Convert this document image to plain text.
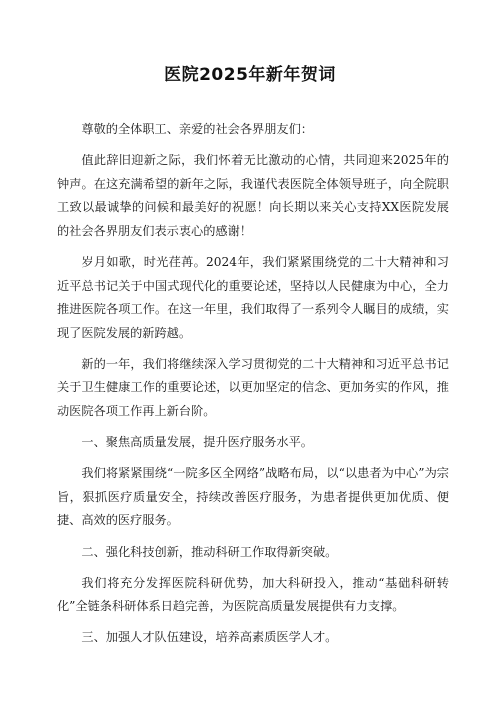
医院2025年新年贺词

尊敬的全体职工、亲爱的社会各界朋友们：

值此辞旧迎新之际，我们怀着无比激动的心情，共同迎来2025年的钟声。在这充满希望的新年之际，我谨代表医院全体领导班子，向全院职工致以最诚挚的问候和最美好的祝愿！向长期以来关心支持XX医院发展的社会各界朋友们表示衷心的感谢！

岁月如歌，时光荏苒。2024年，我们紧紧围绕党的二十大精神和习近平总书记关于中国式现代化的重要论述，坚持以人民健康为中心，全力推进医院各项工作。在这一年里，我们取得了一系列令人瞩目的成绩，实现了医院发展的新跨越。

新的一年，我们将继续深入学习贯彻党的二十大精神和习近平总书记关于卫生健康工作的重要论述，以更加坚定的信念、更加务实的作风，推动医院各项工作再上新台阶。

一、聚焦高质量发展，提升医疗服务水平。

我们将紧紧围绕“一院多区全网络”战略布局，以“以患者为中心”为宗旨，狠抓医疗质量安全，持续改善医疗服务，为患者提供更加优质、便捷、高效的医疗服务。

二、强化科技创新，推动科研工作取得新突破。

我们将充分发挥医院科研优势，加大科研投入，推动“基础科研转化”全链条科研体系日趋完善，为医院高质量发展提供有力支撑。

三、加强人才队伍建设，培养高素质医学人才。
